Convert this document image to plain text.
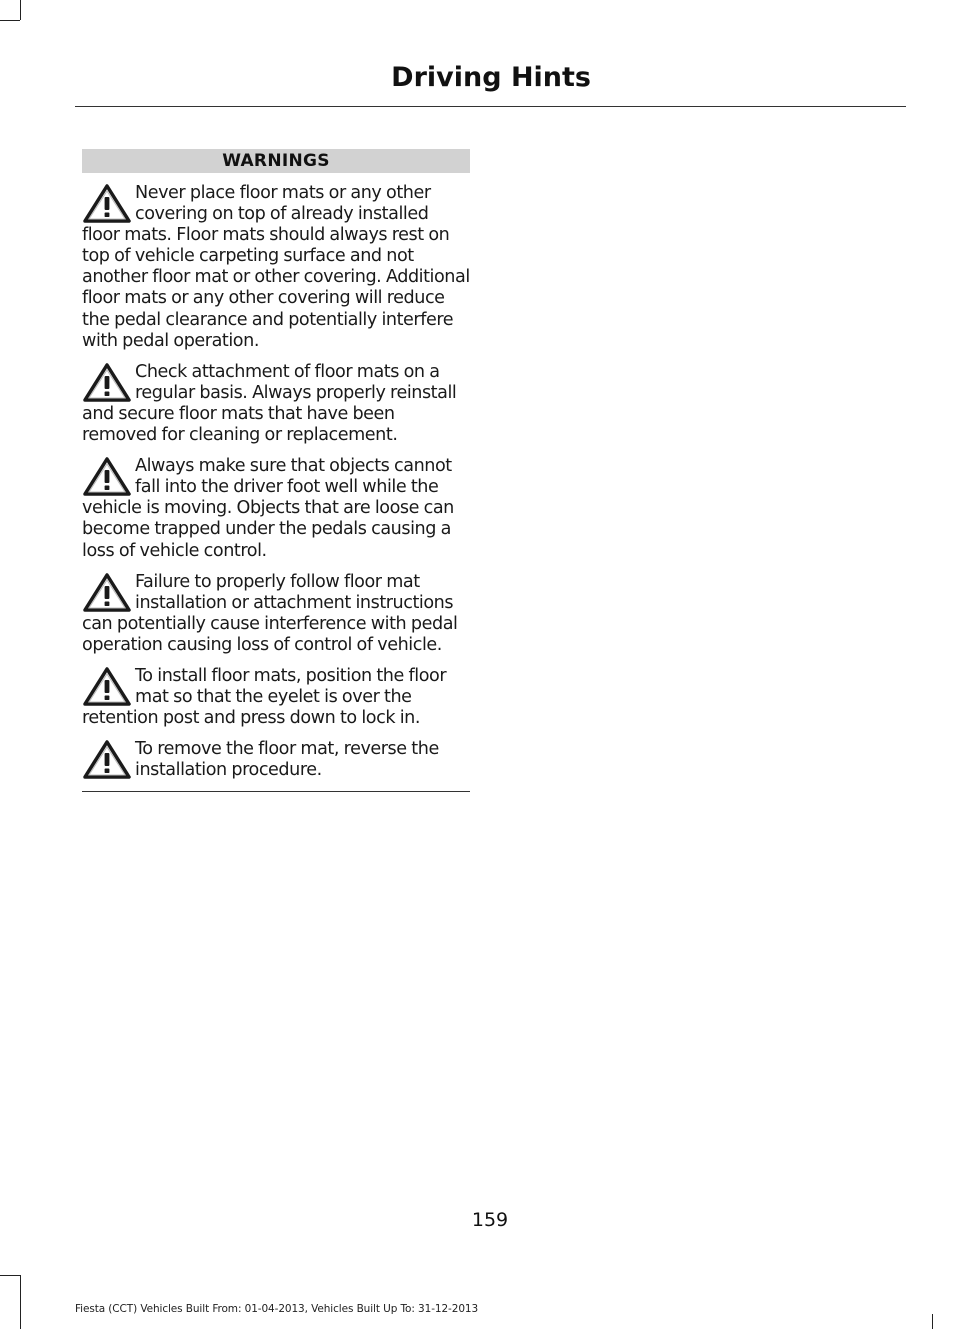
Driving Hints
WARNINGS
Never place floor mats or any other covering on top of already installed floor mats. Floor mats should always rest on top of vehicle carpeting surface and not another floor mat or other covering. Additional floor mats or any other covering will reduce the pedal clearance and potentially interfere with pedal operation.
Check attachment of floor mats on a regular basis. Always properly reinstall and secure floor mats that have been removed for cleaning or replacement.
Always make sure that objects cannot fall into the driver foot well while the vehicle is moving. Objects that are loose can become trapped under the pedals causing a loss of vehicle control.
Failure to properly follow floor mat installation or attachment instructions can potentially cause interference with pedal operation causing loss of control of vehicle.
To install floor mats, position the floor mat so that the eyelet is over the retention post and press down to lock in.
To remove the floor mat, reverse the installation procedure.
159
Fiesta (CCT) Vehicles Built From: 01-04-2013, Vehicles Built Up To: 31-12-2013
